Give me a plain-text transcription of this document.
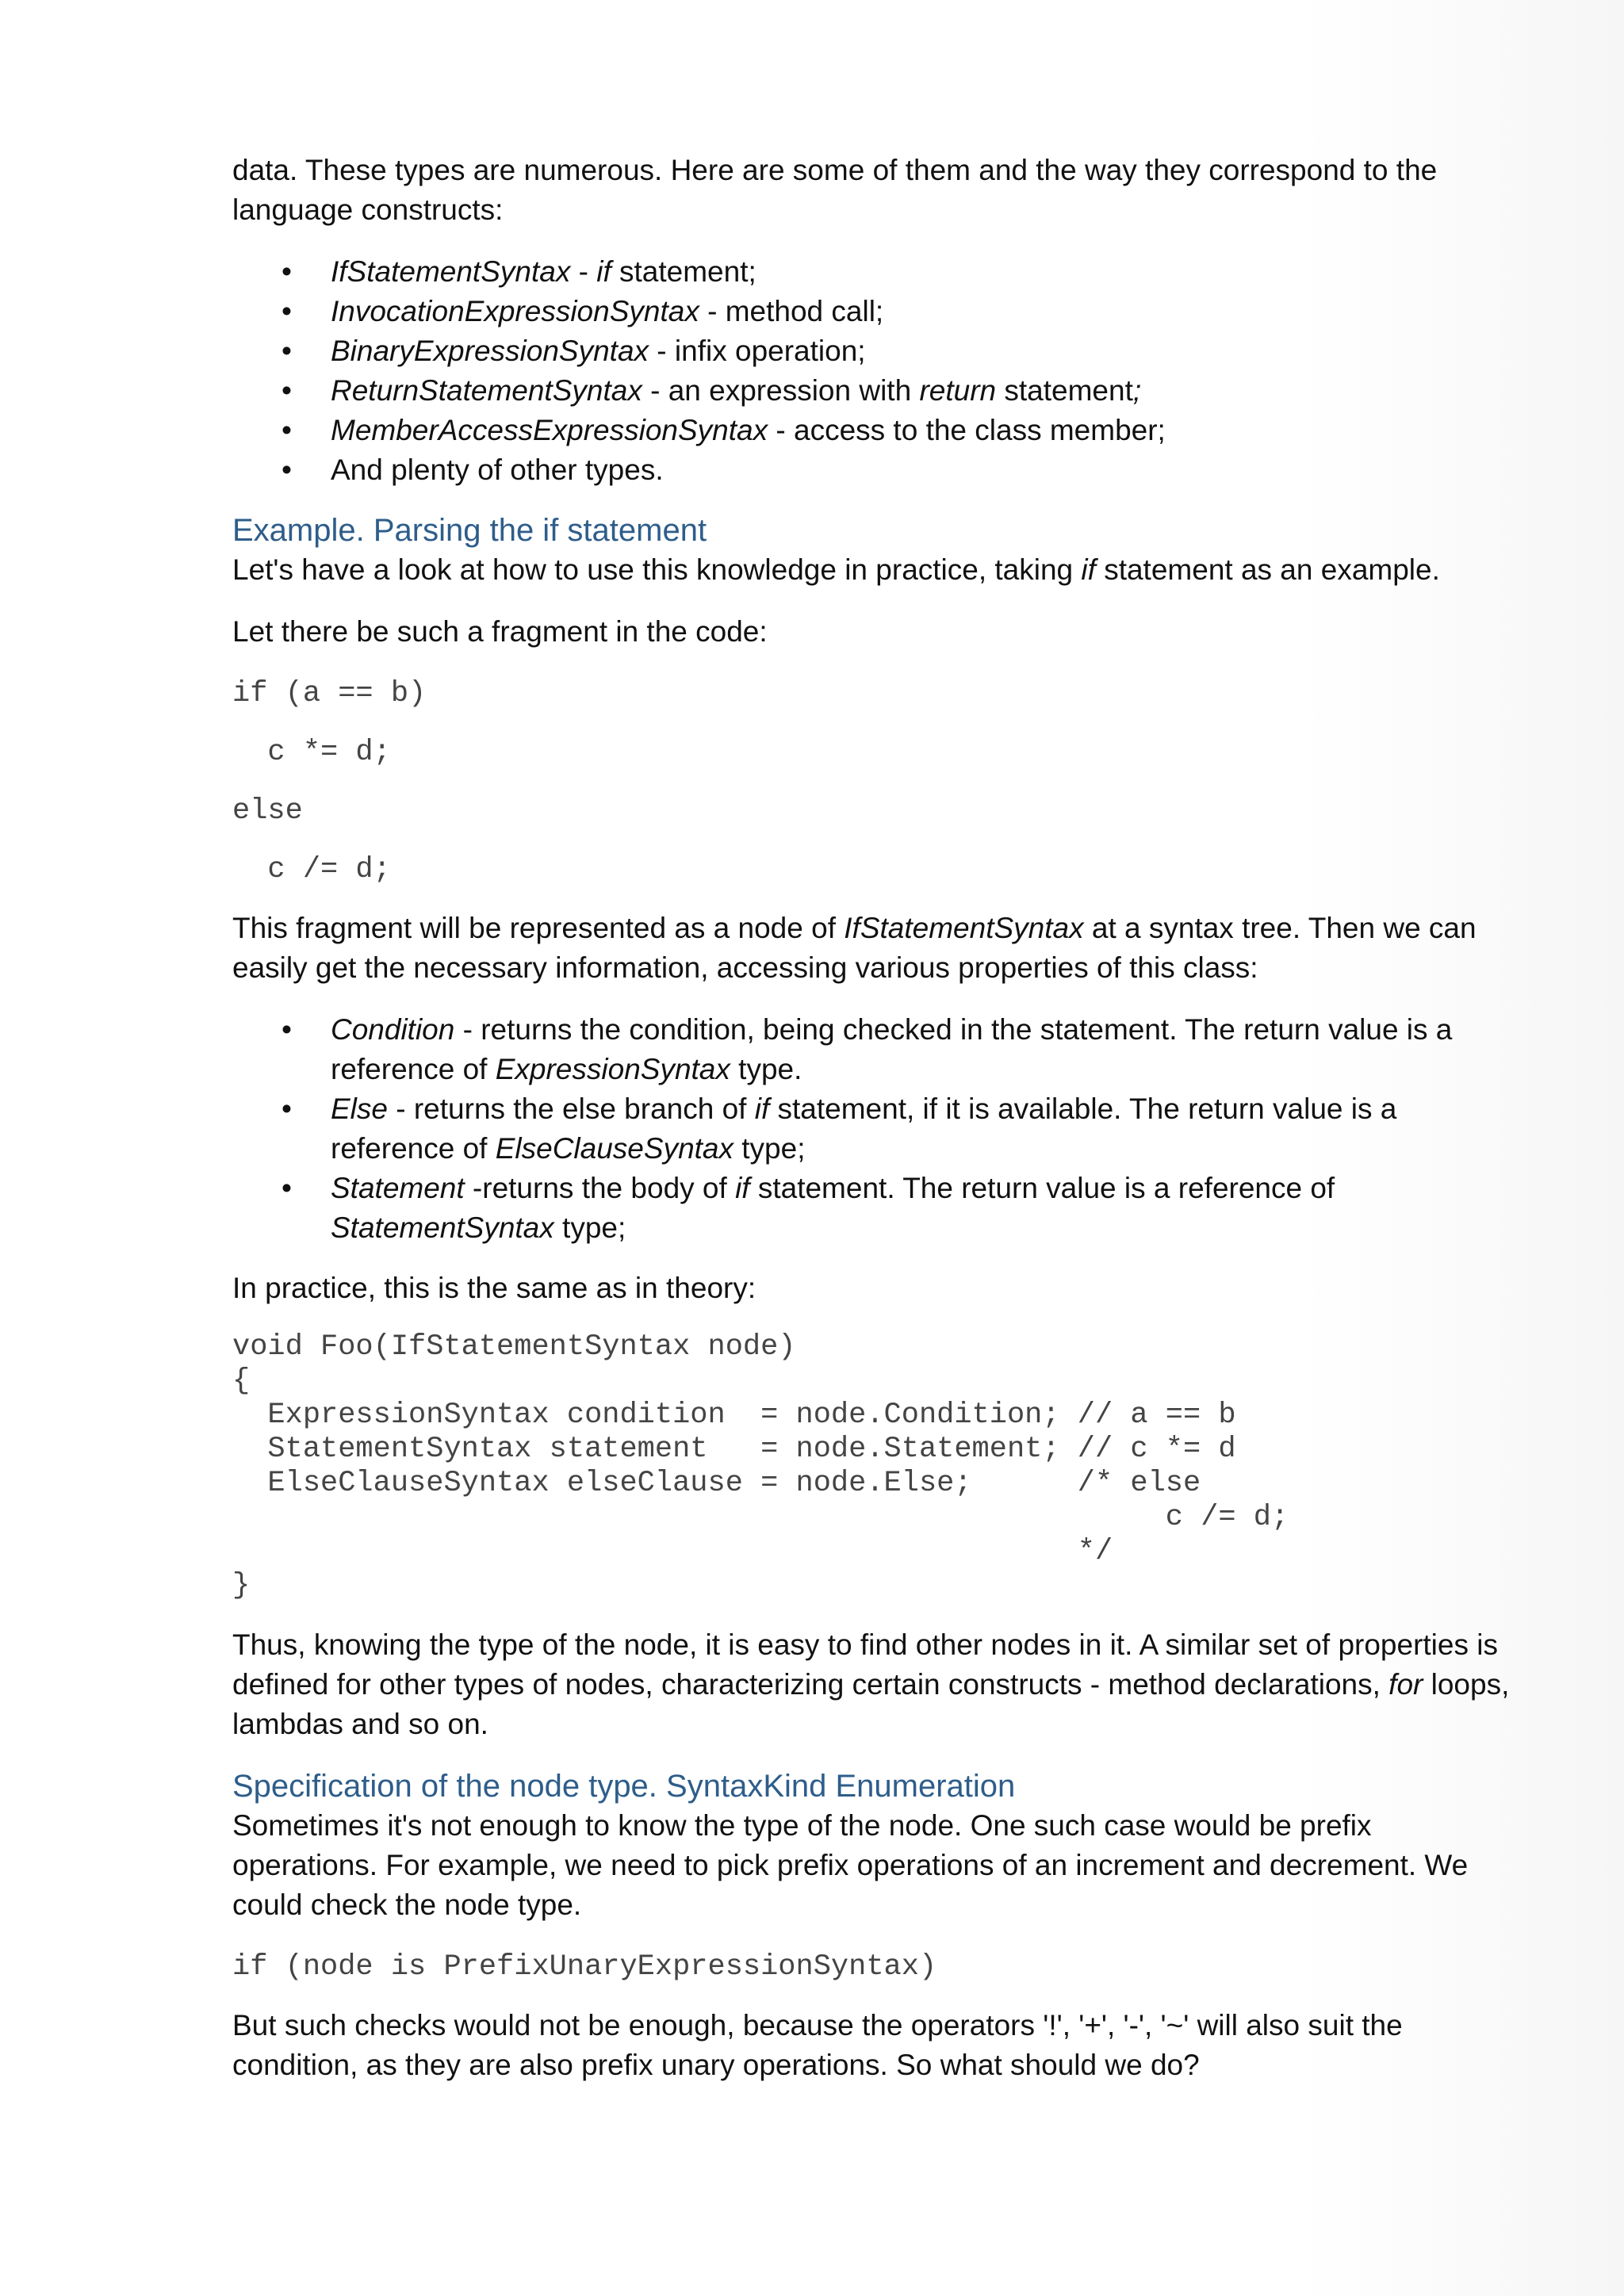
data. These types are numerous. Here are some of them and the way they correspond to the language constructs:

• IfStatementSyntax - if statement;
• InvocationExpressionSyntax - method call;
• BinaryExpressionSyntax - infix operation;
• ReturnStatementSyntax - an expression with return statement;
• MemberAccessExpressionSyntax - access to the class member;
• And plenty of other types.
Example. Parsing the if statement

Let's have a look at how to use this knowledge in practice, taking if statement as an example.

Let there be such a fragment in the code:

if (a == b)

c *= d;

else

c /= d;

This fragment will be represented as a node of IfStatementSyntax at a syntax tree. Then we can easily get the necessary information, accessing various properties of this class:

• Condition - returns the condition, being checked in the statement. The return value is a reference of ExpressionSyntax type.
• Else - returns the else branch of if statement, if it is available. The return value is a reference of ElseClauseSyntax type;
• Statement -returns the body of if statement. The return value is a reference of StatementSyntax type;

In practice, this is the same as in theory:

void Foo(IfStatementSyntax node)
{
ExpressionSyntax condition  = node.Condition; // a == b
StatementSyntax statement   = node.Statement; // c *= d
ElseClauseSyntax elseClause = node.Else;      /* else
c /= d;
*/
}

Thus, knowing the type of the node, it is easy to find other nodes in it. A similar set of properties is defined for other types of nodes, characterizing certain constructs - method declarations, for loops, lambdas and so on.

Specification of the node type. SyntaxKind Enumeration

Sometimes it's not enough to know the type of the node. One such case would be prefix operations. For example, we need to pick prefix operations of an increment and decrement. We could check the node type.

if (node is PrefixUnaryExpressionSyntax)

But such checks would not be enough, because the operators '!', '+', '-', '~' will also suit the condition, as they are also prefix unary operations. So what should we do?
